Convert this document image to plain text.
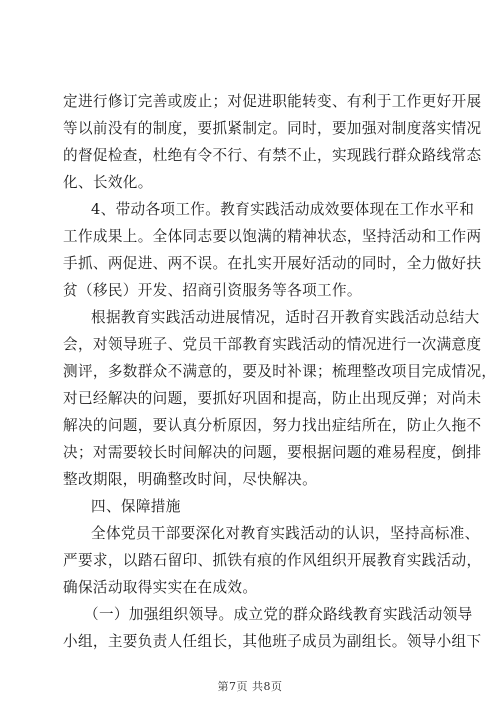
定进行修订完善或废止；对促进职能转变、有利于工作更好开展
等以前没有的制度，要抓紧制定。同时，要加强对制度落实情况
的督促检查，杜绝有令不行、有禁不止，实现践行群众路线常态
化、长效化。
4、带动各项工作。教育实践活动成效要体现在工作水平和
工作成果上。全体同志要以饱满的精神状态，坚持活动和工作两
手抓、两促进、两不误。在扎实开展好活动的同时，全力做好扶
贫（移民）开发、招商引资服务等各项工作。
根据教育实践活动进展情况，适时召开教育实践活动总结大
会，对领导班子、党员干部教育实践活动的情况进行一次满意度
测评，多数群众不满意的，要及时补课；梳理整改项目完成情况，
对已经解决的问题，要抓好巩固和提高，防止出现反弹；对尚未
解决的问题，要认真分析原因，努力找出症结所在，防止久拖不
决；对需要较长时间解决的问题，要根据问题的难易程度，倒排
整改期限，明确整改时间，尽快解决。
四、保障措施
全体党员干部要深化对教育实践活动的认识，坚持高标准、
严要求，以踏石留印、抓铁有痕的作风组织开展教育实践活动，
确保活动取得实实在在成效。
（一）加强组织领导。成立党的群众路线教育实践活动领导
小组，主要负责人任组长，其他班子成员为副组长。领导小组下
第7页 共8页
